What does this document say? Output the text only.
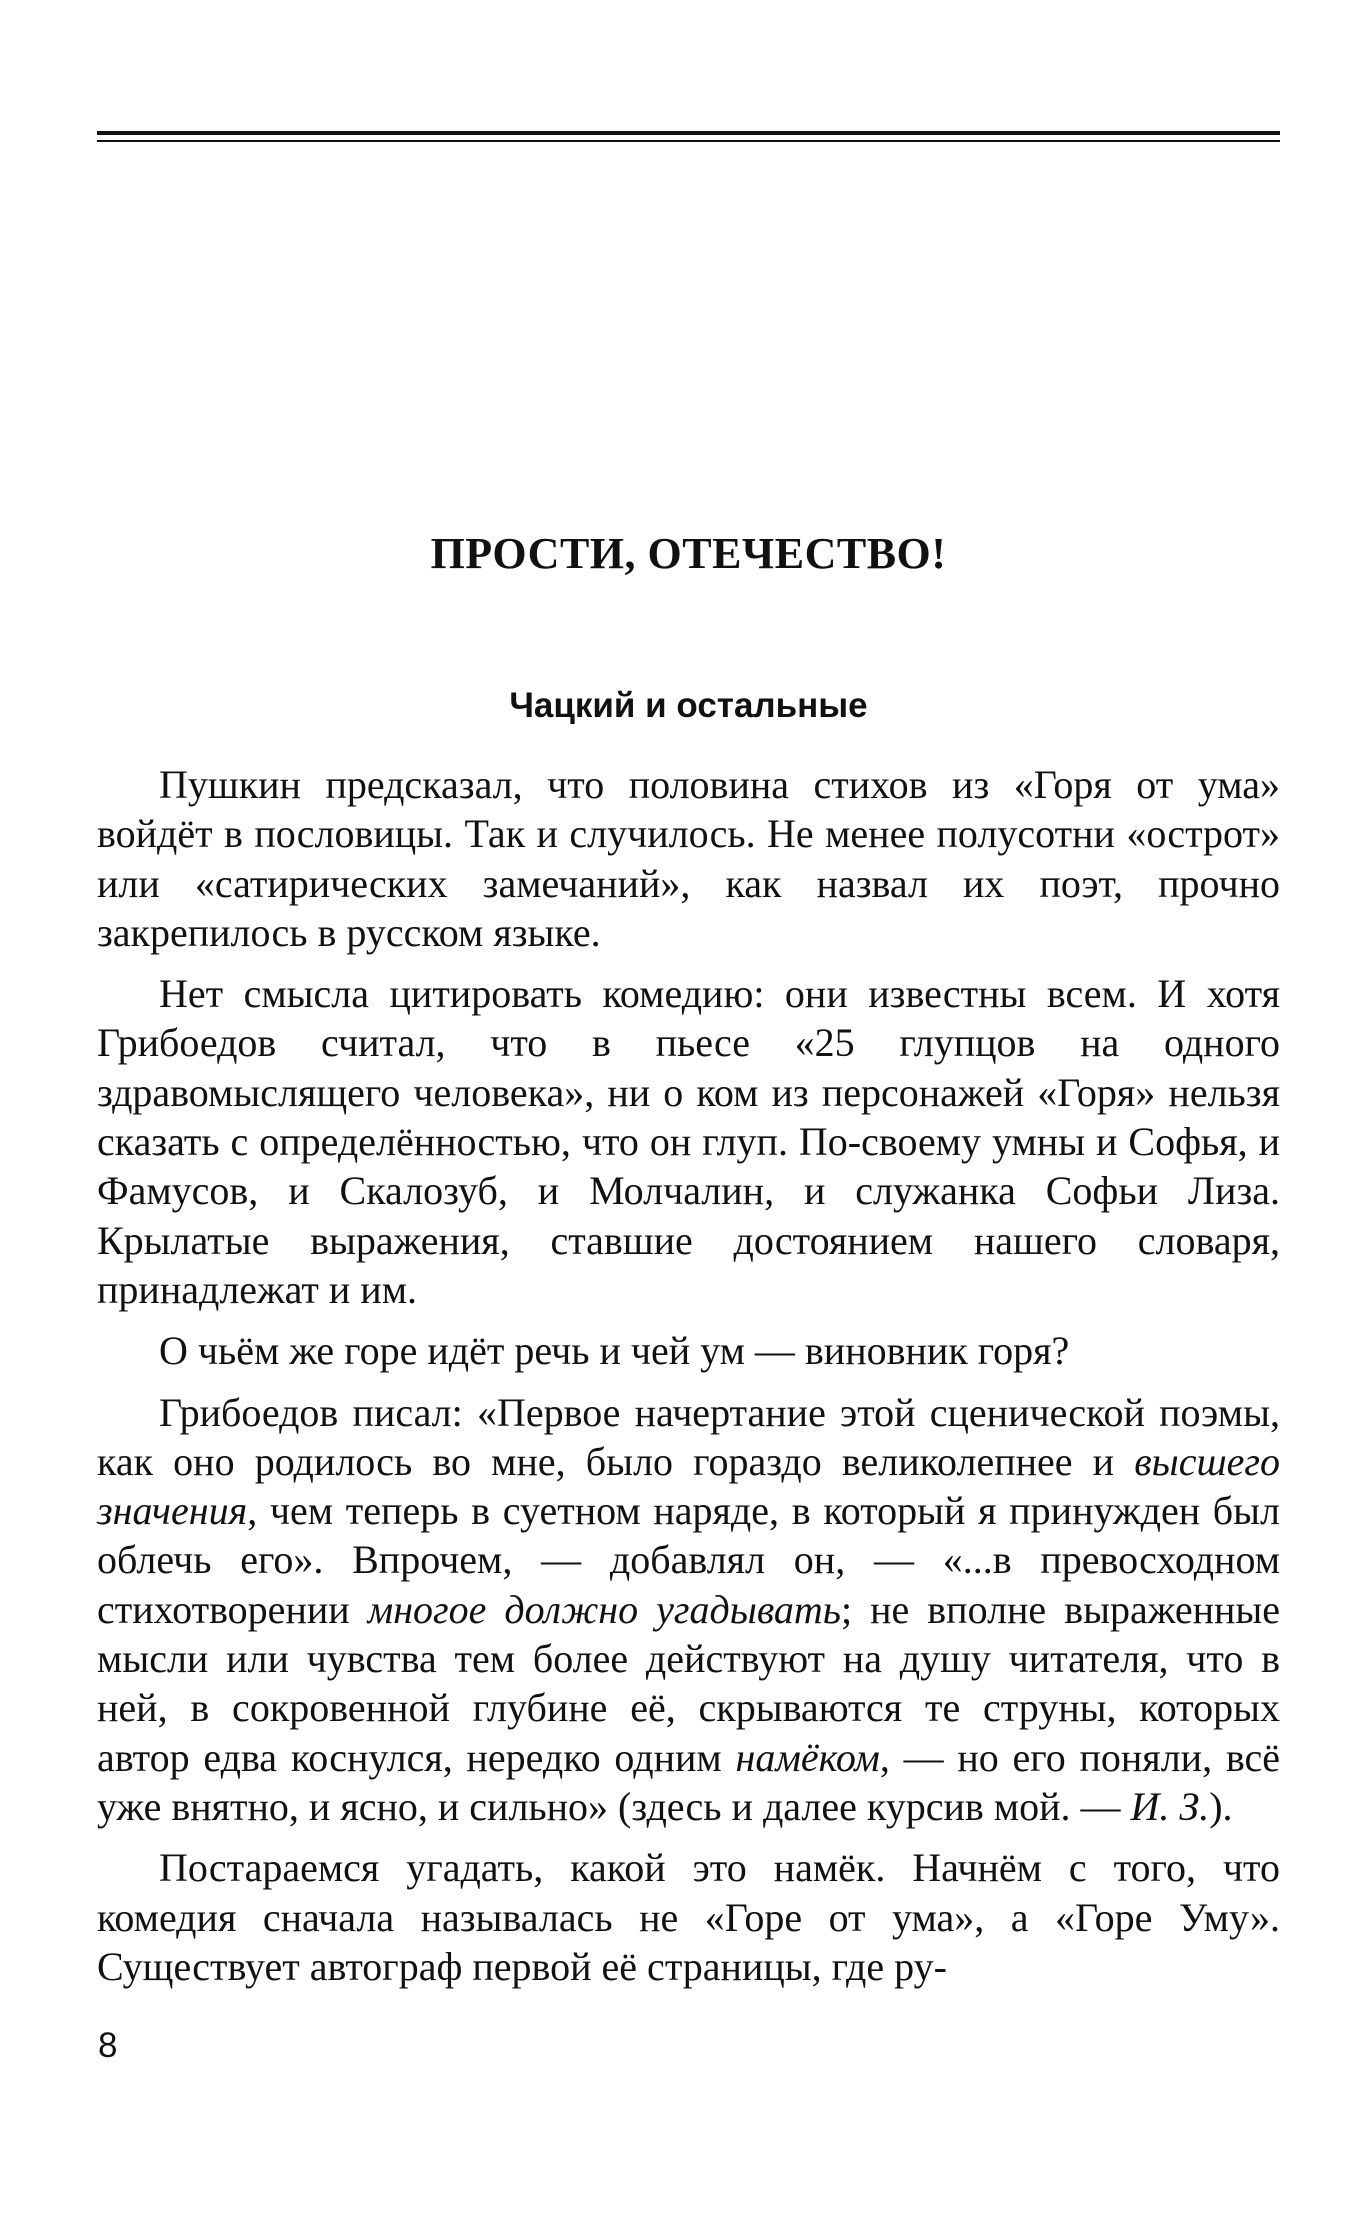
ПРОСТИ, ОТЕЧЕСТВО!
Чацкий и остальные

Пушкин предсказал, что половина стихов из «Горя от ума» войдёт в пословицы. Так и случилось. Не менее полусотни «острот» или «сатирических замечаний», как назвал их поэт, прочно закрепилось в русском языке.

Нет смысла цитировать комедию: они известны всем. И хотя Грибоедов считал, что в пьесе «25 глупцов на одного здравомыслящего человека», ни о ком из персонажей «Горя» нельзя сказать с определённостью, что он глуп. По-своему умны и Софья, и Фамусов, и Скалозуб, и Молчалин, и служанка Софьи Лиза. Крылатые выражения, ставшие достоянием нашего словаря, принадлежат и им.

О чьём же горе идёт речь и чей ум — виновник горя?

Грибоедов писал: «Первое начертание этой сценической поэмы, как оно родилось во мне, было гораздо великолепнее и высшего значения, чем теперь в суетном наряде, в который я принужден был облечь его». Впрочем, — добавлял он, — «...в превосходном стихотворении многое должно угадывать; не вполне выраженные мысли или чувства тем более действуют на душу читателя, что в ней, в сокровенной глубине её, скрываются те струны, которых автор едва коснулся, нередко одним намёком, — но его поняли, всё уже внятно, и ясно, и сильно» (здесь и далее курсив мой. — И. З.).

Постараемся угадать, какой это намёк. Начнём с того, что комедия сначала называлась не «Горе от ума», а «Горе Уму». Существует автограф первой её страницы, где ру-

8
